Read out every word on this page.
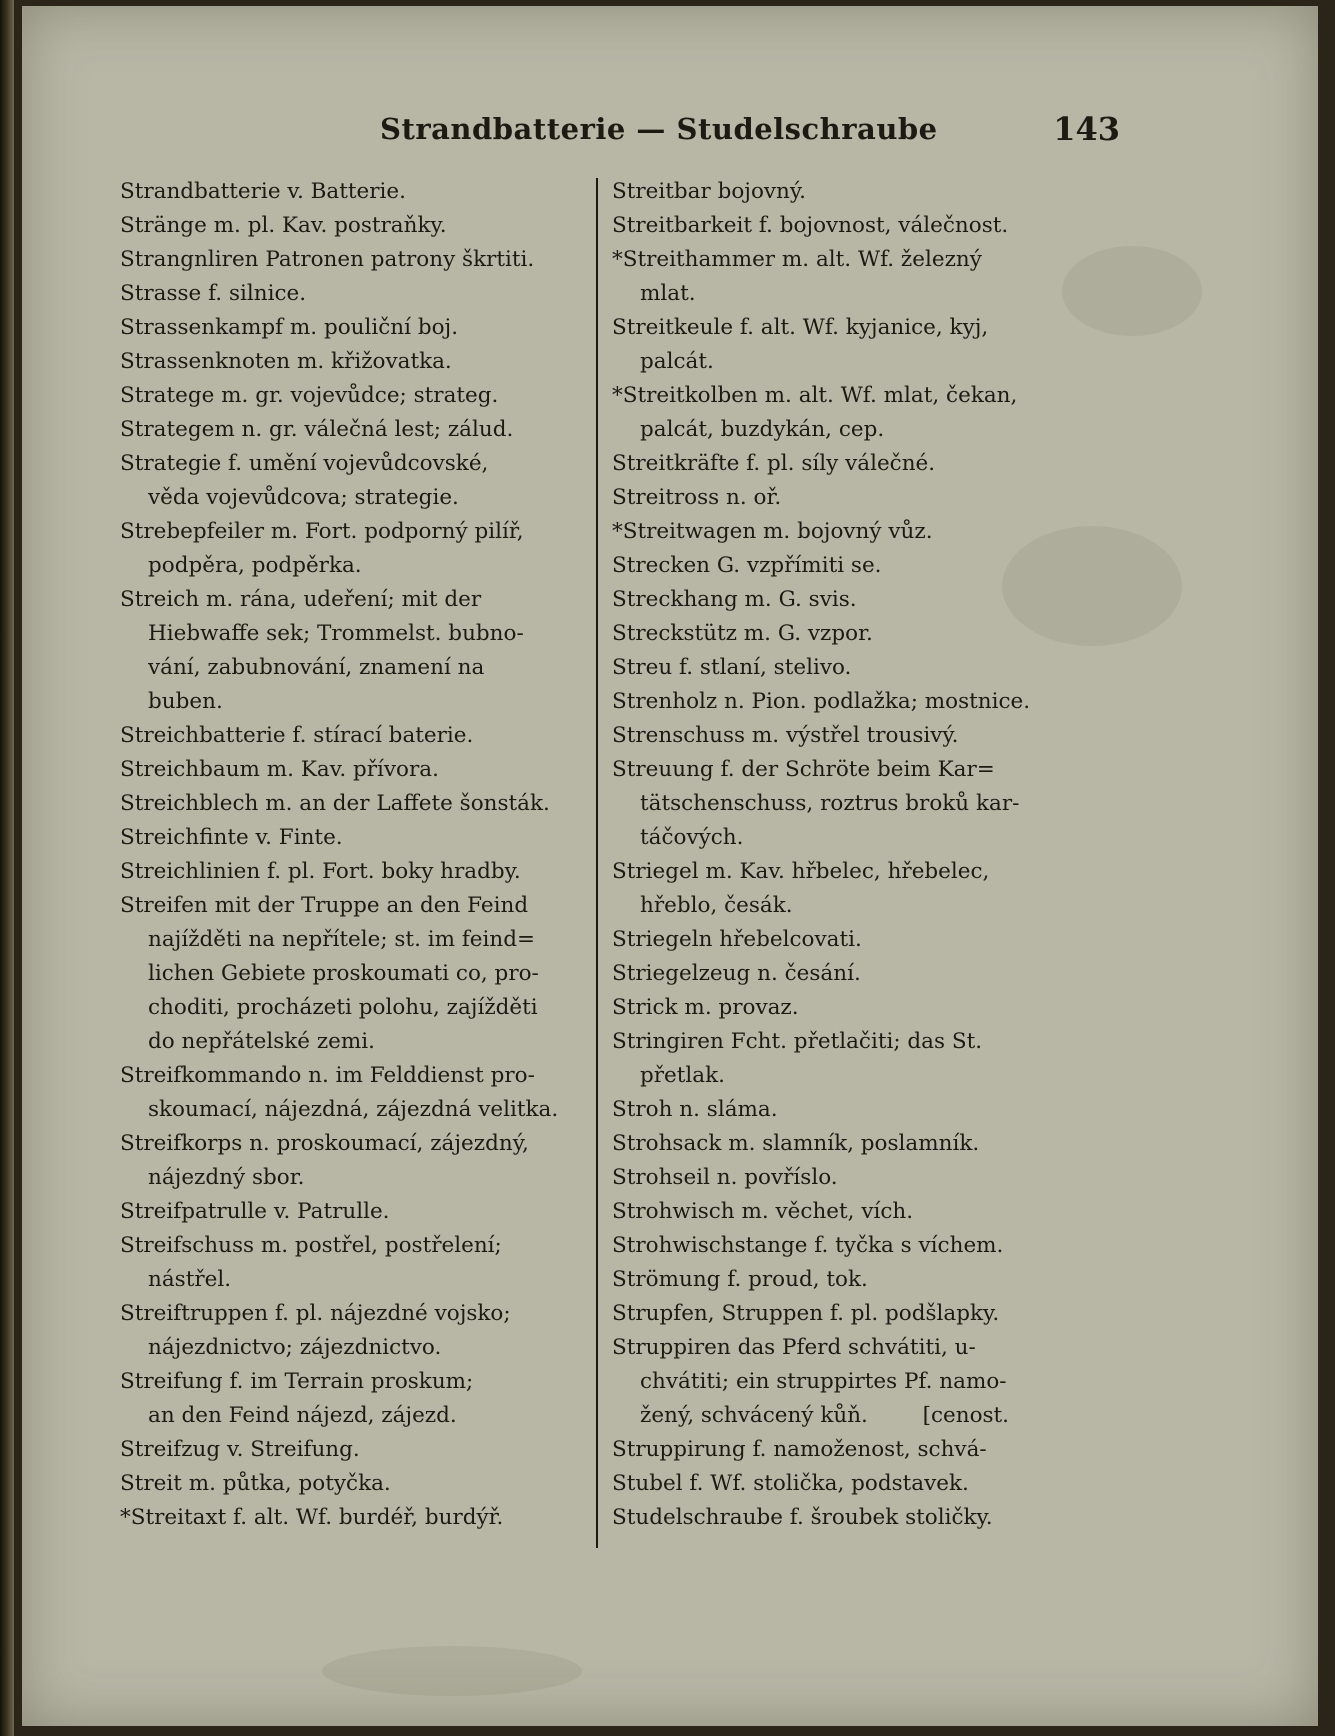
Strandbatterie — Studelschraube	143
Strandbatterie v. Batterie.
Stränge m. pl. Kav. postraňky.
Strangnliren Patronen patrony škrtiti.
Strasse f. silnice.
Strassenkampf m. pouliční boj.
Strassenknoten m. křižovatka.
Stratege m. gr. vojevůdce; strateg.
Strategem n. gr. válečná lest; zálud.
Strategie f. umění vojevůdcovské,
věda vojevůdcova; strategie.
Strebepfeiler m. Fort. podporný pilíř,
podpěra, podpěrka.
Streich m. rána, udeření; mit der
Hiebwaffe sek; Trommelst. bubno-
vání, zabubnování, znamení na
buben.
Streichbatterie f. stírací baterie.
Streichbaum m. Kav. přívora.
Streichblech m. an der Laffete šonsták.
Streichfinte v. Finte.
Streichlinien f. pl. Fort. boky hradby.
Streifen mit der Truppe an den Feind
najížděti na nepřítele; st. im feind=
lichen Gebiete proskoumati co, pro-
choditi, procházeti polohu, zajížděti
do nepřátelské zemi.
Streifkommando n. im Felddienst pro-
skoumací, nájezdná, zájezdná velitka.
Streifkorps n. proskoumací, zájezdný,
nájezdný sbor.
Streifpatrulle v. Patrulle.
Streifschuss m. postřel, postřelení;
nástřel.
Streiftruppen f. pl. nájezdné vojsko;
nájezdnictvo; zájezdnictvo.
Streifung f. im Terrain proskum;
an den Feind nájezd, zájezd.
Streifzug v. Streifung.
Streit m. půtka, potyčka.
*Streitaxt f. alt. Wf. burdéř, burdýř.
Streitbar bojovný.
Streitbarkeit f. bojovnost, válečnost.
*Streithammer m. alt. Wf. železný
mlat.
Streitkeule f. alt. Wf. kyjanice, kyj,
palcát.
*Streitkolben m. alt. Wf. mlat, čekan,
palcát, buzdykán, cep.
Streitkräfte f. pl. síly válečné.
Streitross n. oř.
*Streitwagen m. bojovný vůz.
Strecken G. vzpřímiti se.
Streckhang m. G. svis.
Streckstütz m. G. vzpor.
Streu f. stlaní, stelivo.
Strenholz n. Pion. podlažka; mostnice.
Strenschuss m. výstřel trousivý.
Streuung f. der Schröte beim Kar=
tätschenschuss, roztrus broků kar-
táčových.
Striegel m. Kav. hřbelec, hřebelec,
hřeblo, česák.
Striegeln hřebelcovati.
Striegelzeug n. česání.
Strick m. provaz.
Stringiren Fcht. přetlačiti; das St.
přetlak.
Stroh n. sláma.
Strohsack m. slamník, poslamník.
Strohseil n. povříslo.
Strohwisch m. věchet, vích.
Strohwischstange f. tyčka s víchem.
Strömung f. proud, tok.
Strupfen, Struppen f. pl. podšlapky.
Struppiren das Pferd schvátiti, u-
chvátiti; ein struppirtes Pf. namo-
žený, schvácený kůň.        [cenost.
Struppirung f. namoženost, schvá-
Stubel f. Wf. stolička, podstavek.
Studelschraube f. šroubek stoličky.
